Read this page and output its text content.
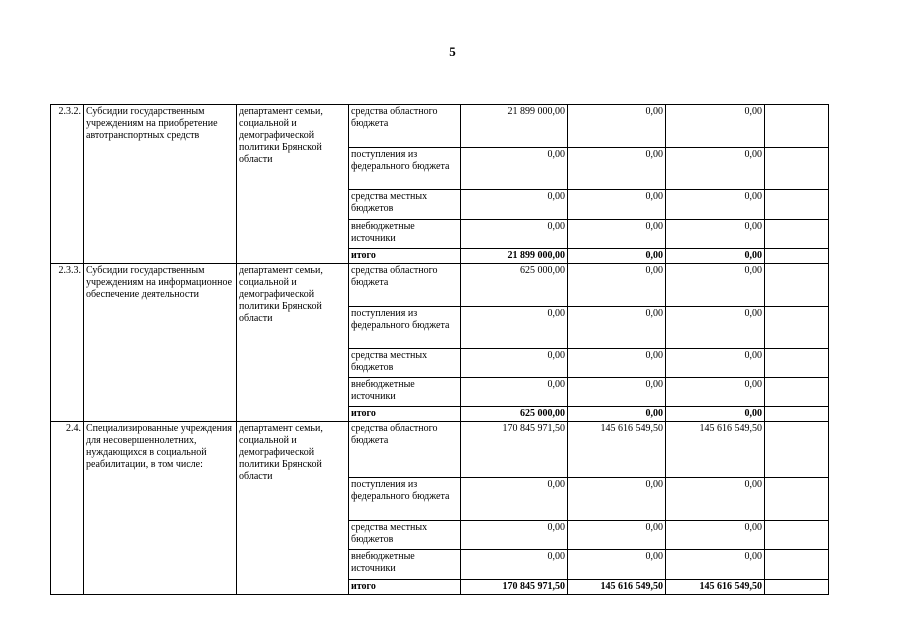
5
2.3.2.	Субсидии государственным учреждениям на приобретение автотранспортных средств	департамент семьи, социальной и демографической политики Брянской области	средства областного бюджета	21 899 000,00	0,00	0,00	
			поступления из федерального бюджета	0,00	0,00	0,00	
			средства местных бюджетов	0,00	0,00	0,00	
			внебюджетные источники	0,00	0,00	0,00	
			итого	21 899 000,00	0,00	0,00	
2.3.3.	Субсидии государственным учреждениям на информационное обеспечение деятельности	департамент семьи, социальной и демографической политики Брянской области	средства областного бюджета	625 000,00	0,00	0,00	
			поступления из федерального бюджета	0,00	0,00	0,00	
			средства местных бюджетов	0,00	0,00	0,00	
			внебюджетные источники	0,00	0,00	0,00	
			итого	625 000,00	0,00	0,00	
2.4.	Специализированные учреждения для несовершеннолетних, нуждающихся в социальной реабилитации, в том числе:	департамент семьи, социальной и демографической политики Брянской области	средства областного бюджета	170 845 971,50	145 616 549,50	145 616 549,50	
			поступления из федерального бюджета	0,00	0,00	0,00	
			средства местных бюджетов	0,00	0,00	0,00	
			внебюджетные источники	0,00	0,00	0,00	
			итого	170 845 971,50	145 616 549,50	145 616 549,50	
